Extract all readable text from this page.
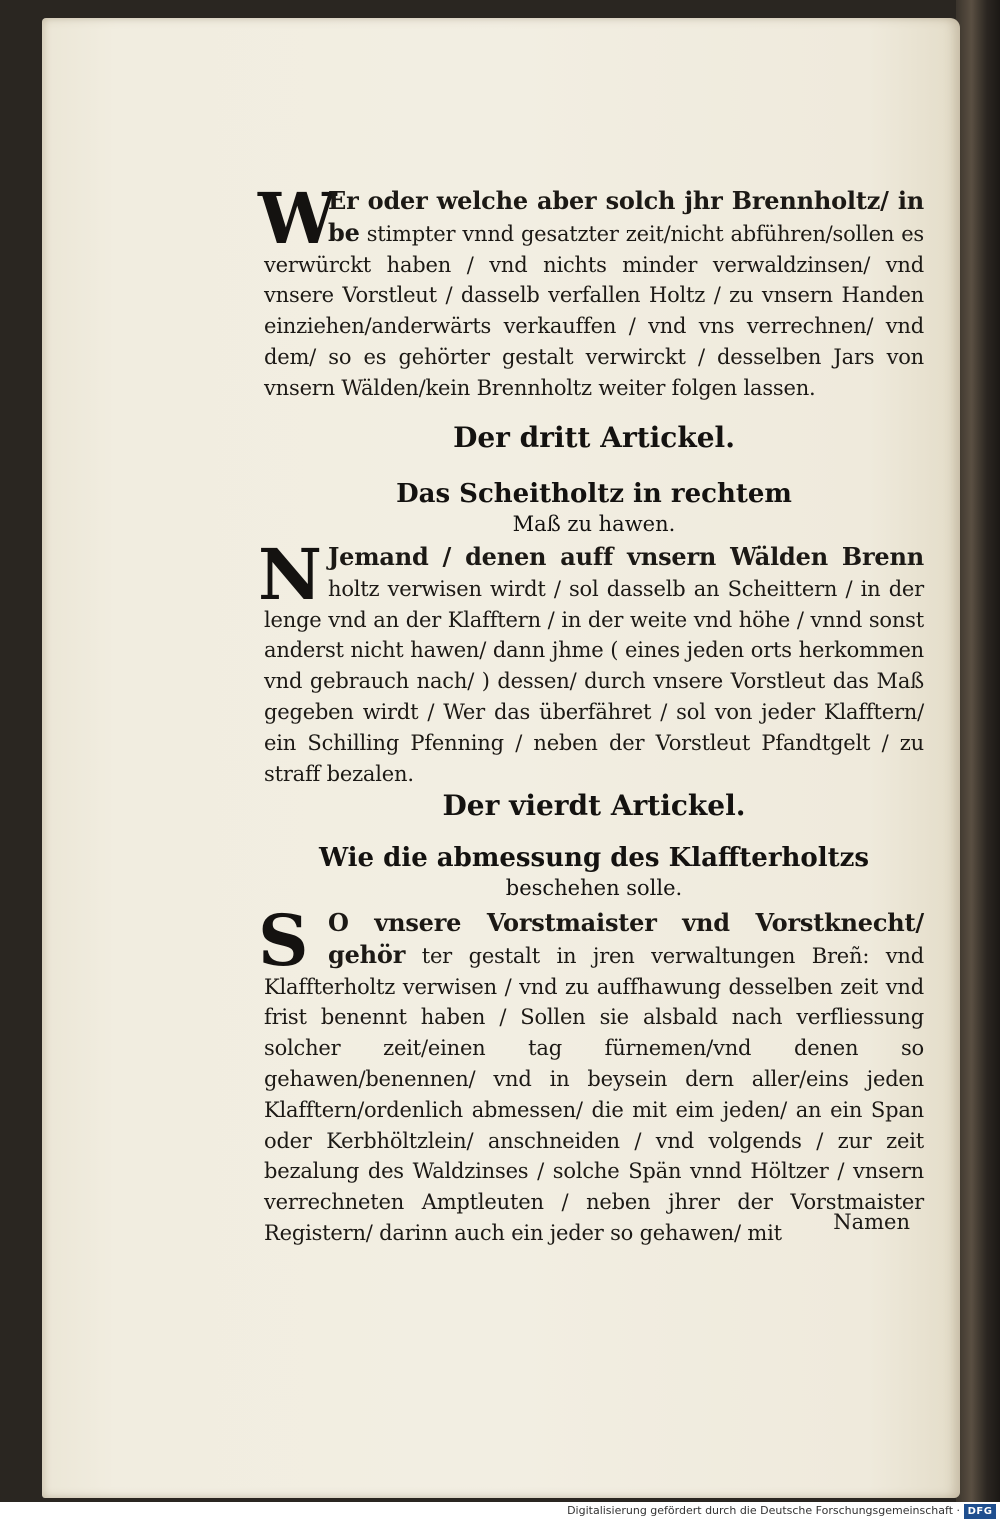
W
Er oder welche aber solch jhr Brennholtz/ in be stimpter vnnd gesatzter zeit/nicht abführen/sollen es verwürckt haben / vnd nichts minder verwaldzinsen/ vnd vnsere Vorstleut / dasselb verfallen Holtz / zu vnsern Handen einziehen/anderwärts verkauffen / vnd vns verrechnen/ vnd dem/ so es gehörter gestalt verwirckt / desselben Jars von vnsern Wälden/kein Brennholtz weiter folgen lassen.
Der dritt Artickel.
Das Scheitholtz in rechtem
Maß zu hawen.
N Jemand / denen auff vnsern Wälden Brenn holtz verwisen wirdt / sol dasselb an Scheittern / in der lenge vnd an der Klafftern / in der weite vnd höhe / vnnd sonst anderst nicht hawen/ dann jhme ( eines jeden orts herkommen vnd gebrauch nach/ ) dessen/ durch vnsere Vorstleut das Maß gegeben wirdt / Wer das überfähret / sol von jeder Klafftern/ ein Schilling Pfenning / neben der Vorstleut Pfandtgelt / zu straff bezalen.
Der vierdt Artickel.
Wie die abmessung des Klaffterholtzs
beschehen solle.
S O vnsere Vorstmaister vnd Vorstknecht/ gehör ter gestalt in jren verwaltungen Breñ: vnd Klaffterholtz verwisen / vnd zu auffhawung desselben zeit vnd frist benennt haben / Sollen sie alsbald nach verfliessung solcher zeit/einen tag fürnemen/vnd denen so gehawen/benennen/ vnd in beysein dern aller/eins jeden Klafftern/ordenlich abmessen/ die mit eim jeden/ an ein Span oder Kerbhöltzlein/ anschneiden / vnd volgends / zur zeit bezalung des Waldzinses / solche Spän vnnd Höltzer / vnsern verrechneten Amptleuten / neben jhrer der Vorstmaister Registern/ darinn auch ein jeder so gehawen/ mit	Namen
Digitalisierung gefördert durch die Deutsche Forschungsgemeinschaft · DFG
